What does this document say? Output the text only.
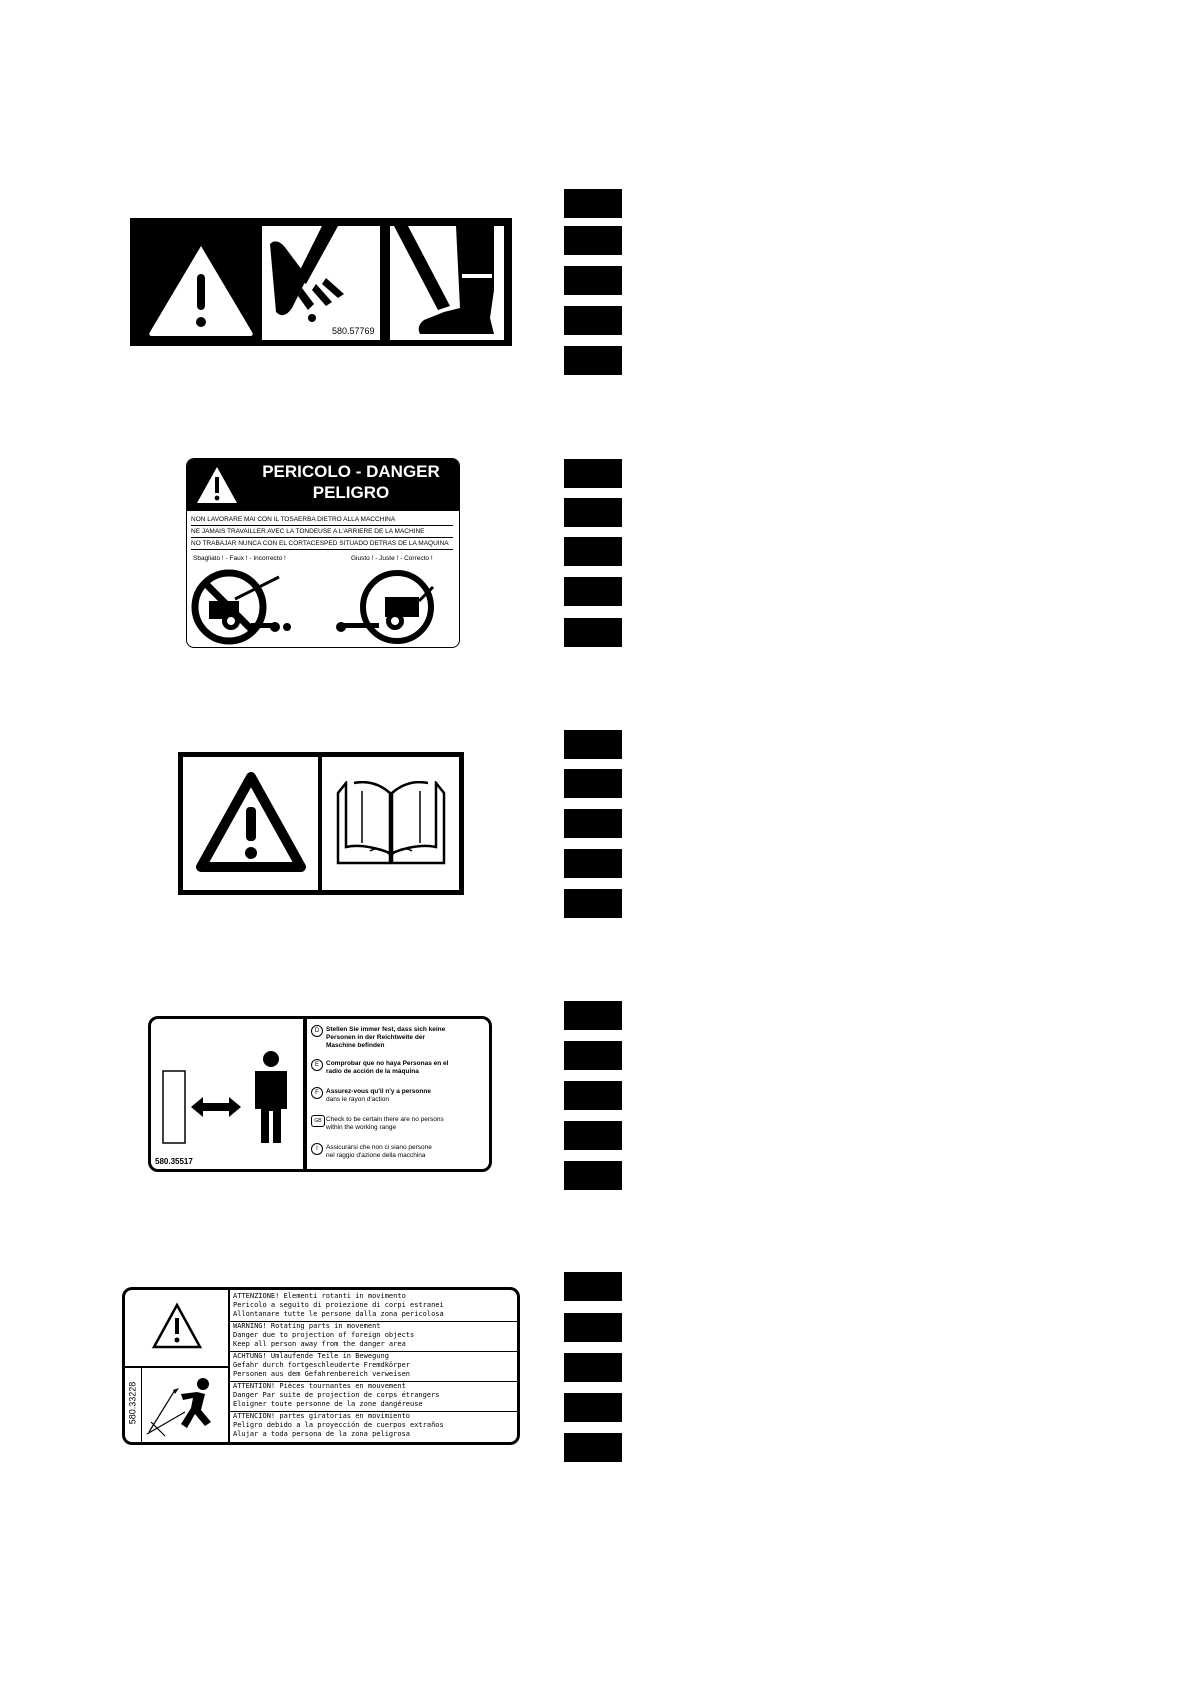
580.57769
PERICOLO - DANGER
PELIGRO
NON LAVORARE MAI CON IL TOSAERBA DIETRO ALLA MACCHINA
NE JAMAIS TRAVAILLER AVEC LA TONDEUSE A L'ARRIERE DE LA MACHINE
NO TRABAJAR NUNCA CON EL CORTACESPED SITUADO DETRAS DE LA MAQUINA
Sbagliato ! - Faux ! - Incorrecto !	Giusto ! - Juste ! - Correcto !
580.35517
D	Stellen Sie immer fest, dass sich keine
Personen in der Reichtweite der
Maschine befinden
E	Comprobar que no haya Personas en el
radio de acción de la máquina
F	Assurez-vous qu'il n'y a personne
dans le rayon d'action
GB Check to be certain there are no persons
within the working range
I	Assicurarsi che non ci siano persone
nel raggio d'azione della macchina
580.33228
ATTENZIONE! Elementi rotanti in movimento
Pericolo a seguito di proiezione di corpi estranei
Allontanare tutte le persone dalla zona pericolosa
WARNING! Rotating parts in movement
Danger due to projection of foreign objects
Keep all person away from the danger area
ACHTUNG! Umlaufende Teile in Bewegung
Gefahr durch fortgeschleuderte Fremdkörper
Personen aus dem Gefahrenbereich verweisen
ATTENTION! Pièces tournantes en mouvement
Danger Par suite de projection de corps étrangers
Eloigner toute personne de la zone dangéreuse
ATTENCION! partes giratorias en movimiento
Peligro debido a la proyección de cuerpos extraños
Alujar a toda persona de la zona peligrosa
